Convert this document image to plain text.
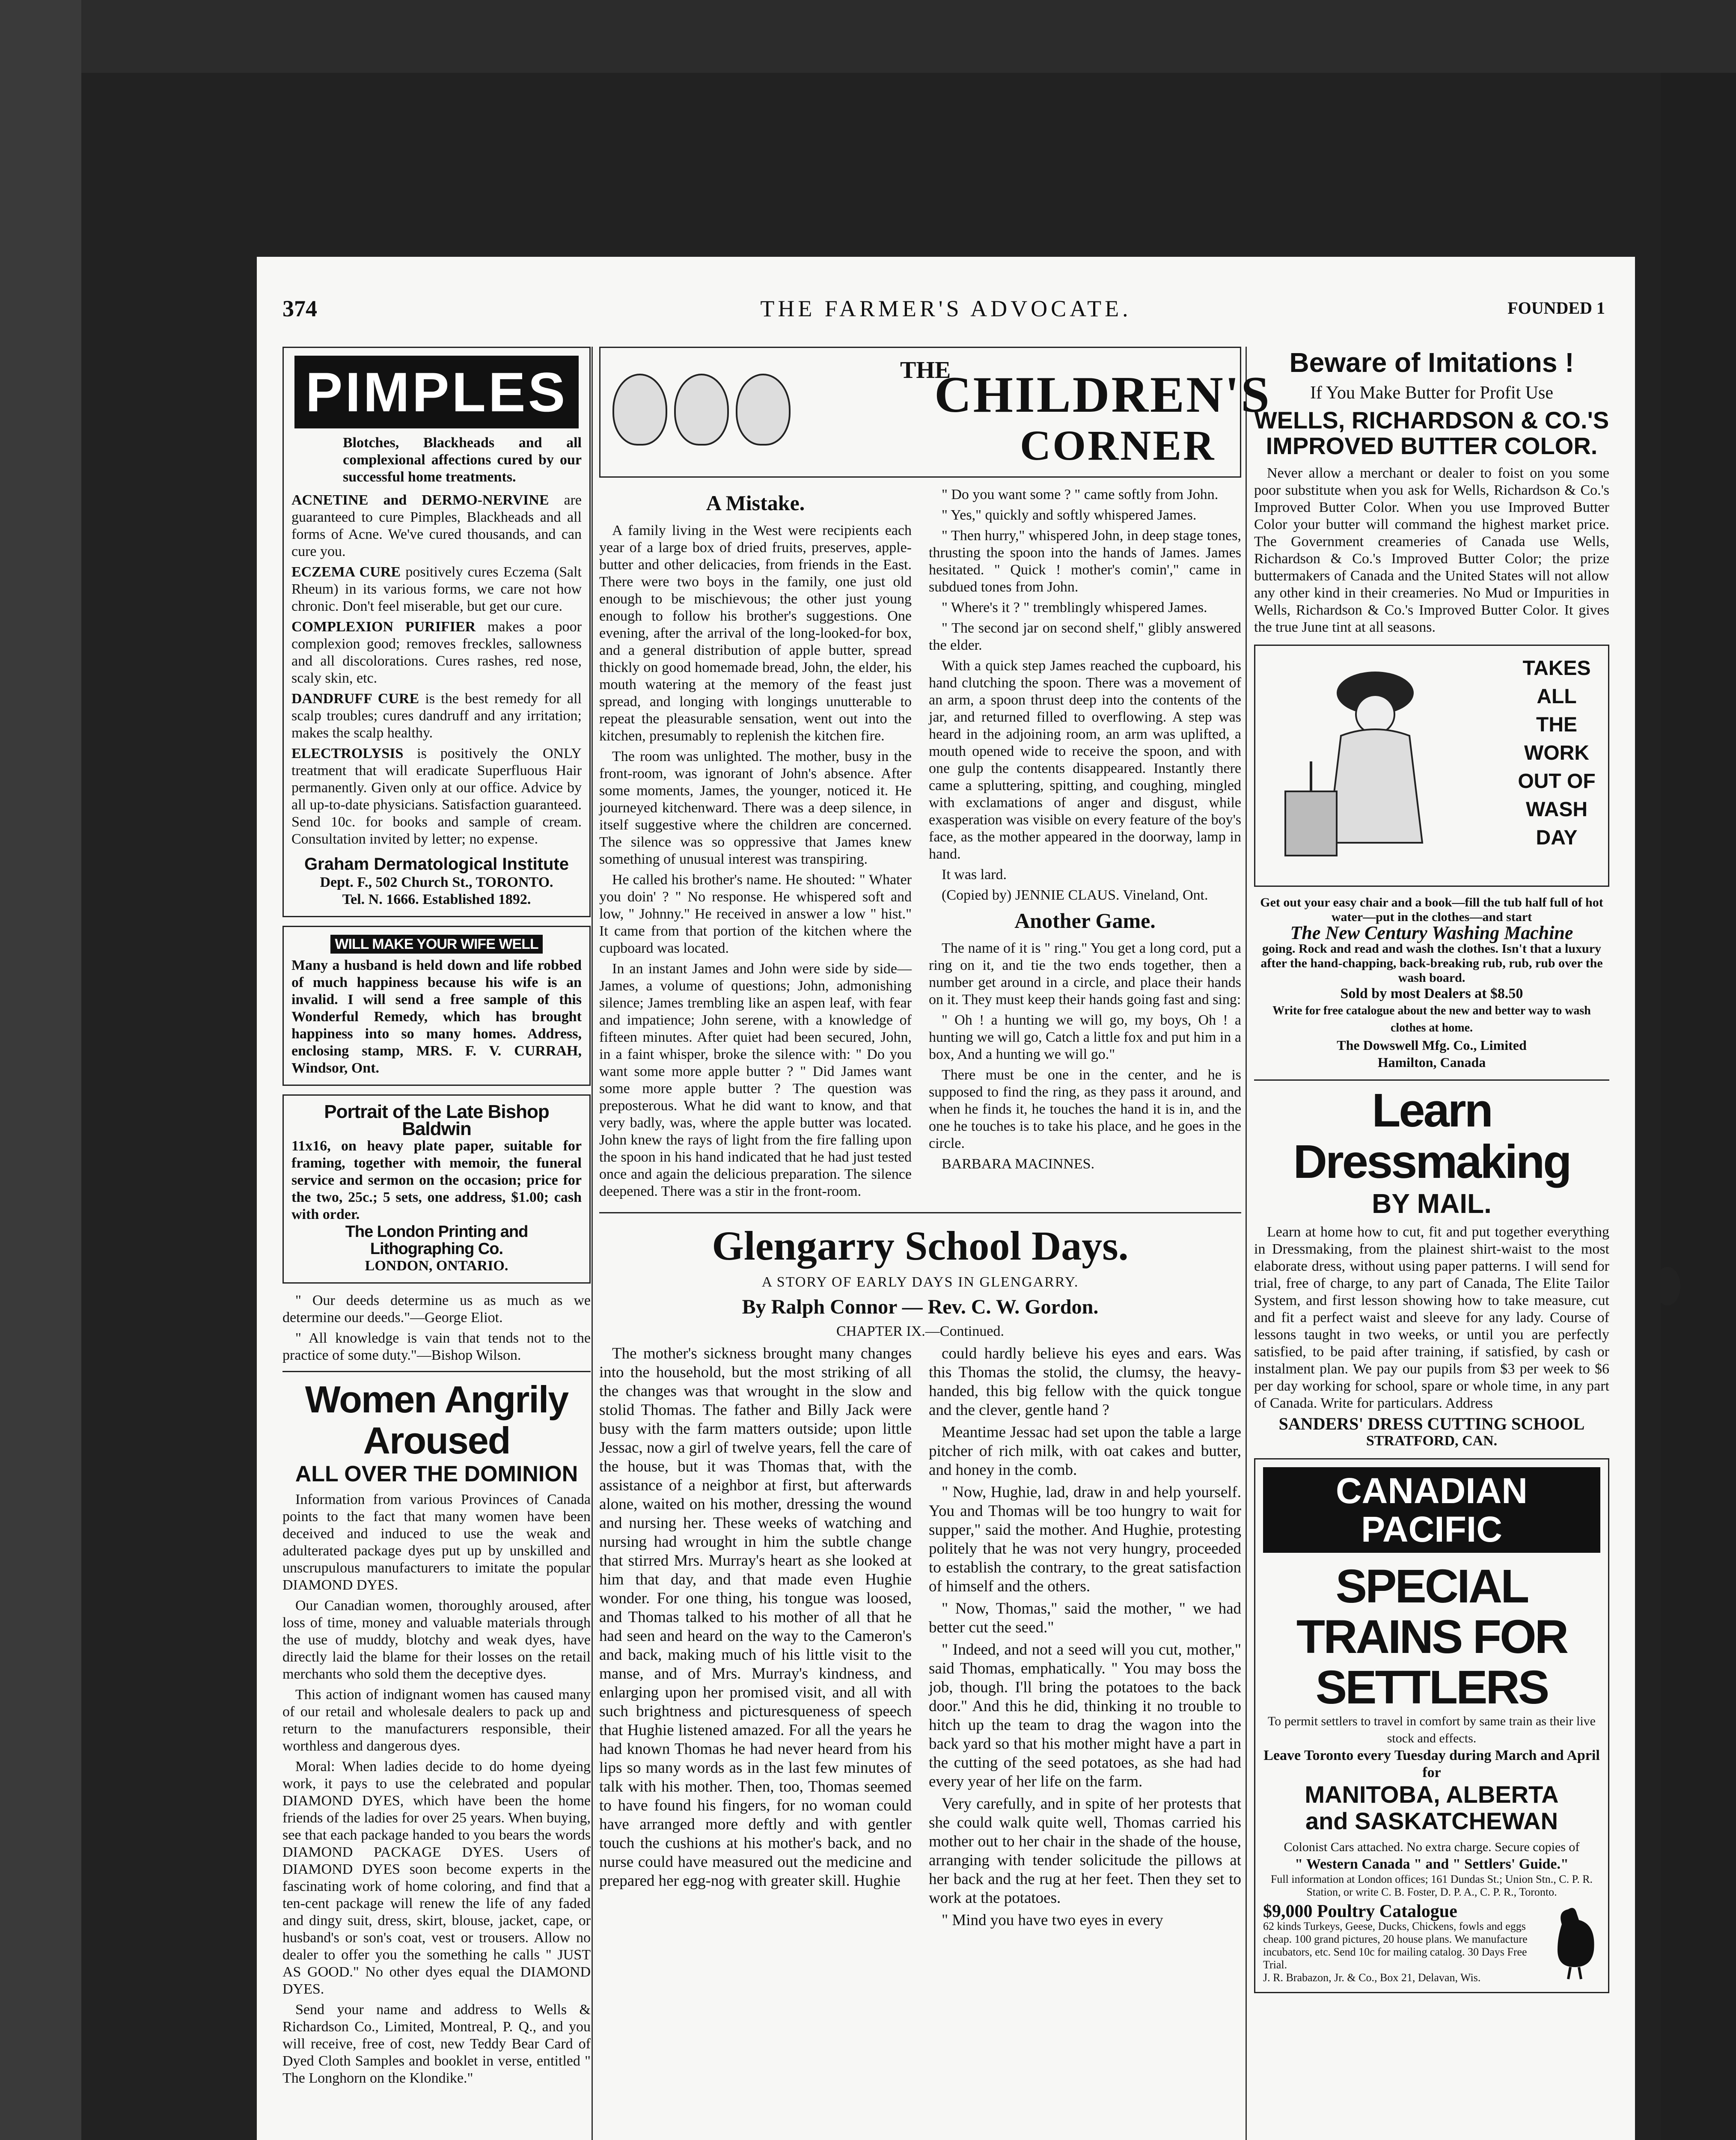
THE FARMER'S ADVOCATE.
374	FOUNDED 1
PIMPLES
Blotches, Blackheads and all complexional affections cured by our successful home treatments.
ACNETINE and DERMO-NERVINE are guaranteed to cure Pimples, Blackheads and all forms of Acne. We've cured thousands, and can cure you.
ECZEMA CURE positively cures Eczema (Salt Rheum) in its various forms, we care not how chronic. Don't feel miserable, but get our cure.
COMPLEXION PURIFIER makes a poor complexion good; removes freckles, sallowness and all discolorations. Cures rashes, red nose, scaly skin, etc.
DANDRUFF CURE is the best remedy for all scalp troubles; cures dandruff and any irritation; makes the scalp healthy.
ELECTROLYSIS is positively the ONLY treatment that will eradicate Superfluous Hair permanently. Given only at our office. Advice by all up-to-date physicians. Satisfaction guaranteed. Send 10c. for books and sample of cream. Consultation invited by letter; no expense.
Graham Dermatological Institute
Dept. F., 502 Church St., TORONTO.
Tel. N. 1666. Established 1892.
WILL MAKE YOUR WIFE WELL
Many a husband is held down and life robbed of much happiness because his wife is an invalid. I will send a free sample of this Wonderful Remedy, which has brought happiness into so many homes. Address, enclosing stamp, MRS. F. V. CURRAH, Windsor, Ont.
Portrait of the Late Bishop Baldwin
11x16, on heavy plate paper, suitable for framing, together with memoir, the funeral service and sermon on the occasion; price for the two, 25c.; 5 sets, one address, $1.00; cash with order.
The London Printing and Lithographing Co.
LONDON, ONTARIO.

" Our deeds determine us as much as we determine our deeds."—George Eliot.

" All knowledge is vain that tends not to the practice of some duty."—Bishop Wilson.

Women Angrily Aroused
ALL OVER THE DOMINION

Information from various Provinces of Canada points to the fact that many women have been deceived and induced to use the weak and adulterated package dyes put up by unskilled and unscrupulous manufacturers to imitate the popular DIAMOND DYES.

Our Canadian women, thoroughly aroused, after loss of time, money and valuable materials through the use of muddy, blotchy and weak dyes, have directly laid the blame for their losses on the retail merchants who sold them the deceptive dyes.

This action of indignant women has caused many of our retail and wholesale dealers to pack up and return to the manufacturers responsible, their worthless and dangerous dyes.

Moral: When ladies decide to do home dyeing work, it pays to use the celebrated and popular DIAMOND DYES, which have been the home friends of the ladies for over 25 years. When buying, see that each package handed to you bears the words DIAMOND PACKAGE DYES. Users of DIAMOND DYES soon become experts in the fascinating work of home coloring, and find that a ten-cent package will renew the life of any faded and dingy suit, dress, skirt, blouse, jacket, cape, or husband's or son's coat, vest or trousers. Allow no dealer to offer you the something he calls " JUST AS GOOD." No other dyes equal the DIAMOND DYES.

Send your name and address to Wells & Richardson Co., Limited, Montreal, P. Q., and you will receive, free of cost, new Teddy Bear Card of Dyed Cloth Samples and booklet in verse, entitled " The Longhorn on the Klondike."

THE
CHILDREN'S
CORNER
A Mistake.

A family living in the West were recipients each year of a large box of dried fruits, preserves, apple-butter and other delicacies, from friends in the East. There were two boys in the family, one just old enough to be mischievous; the other just young enough to follow his brother's suggestions. One evening, after the arrival of the long-looked-for box, and a general distribution of apple butter, spread thickly on good homemade bread, John, the elder, his mouth watering at the memory of the feast just spread, and longing with longings unutterable to repeat the pleasurable sensation, went out into the kitchen, presumably to replenish the kitchen fire.

The room was unlighted. The mother, busy in the front-room, was ignorant of John's absence. After some moments, James, the younger, noticed it. He journeyed kitchenward. There was a deep silence, in itself suggestive where the children are concerned. The silence was so oppressive that James knew something of unusual interest was transpiring.

He called his brother's name. He shouted: " Whater you doin' ? " No response. He whispered soft and low, " Johnny." He received in answer a low " hist." It came from that portion of the kitchen where the cupboard was located.

In an instant James and John were side by side—James, a volume of questions; John, admonishing silence; James trembling like an aspen leaf, with fear and impatience; John serene, with a knowledge of fifteen minutes. After quiet had been secured, John, in a faint whisper, broke the silence with: " Do you want some more apple butter ? " Did James want some more apple butter ? The question was preposterous. What he did want to know, and that very badly, was, where the apple butter was located. John knew the rays of light from the fire falling upon the spoon in his hand indicated that he had just tested once and again the delicious preparation. The silence deepened. There was a stir in the front-room.

" Do you want some ? " came softly from John.

" Yes," quickly and softly whispered James.

" Then hurry," whispered John, in deep stage tones, thrusting the spoon into the hands of James. James hesitated. " Quick ! mother's comin'," came in subdued tones from John.

" Where's it ? " tremblingly whispered James.

" The second jar on second shelf," glibly answered the elder.

With a quick step James reached the cupboard, his hand clutching the spoon. There was a movement of an arm, a spoon thrust deep into the contents of the jar, and returned filled to overflowing. A step was heard in the adjoining room, an arm was uplifted, a mouth opened wide to receive the spoon, and with one gulp the contents disappeared. Instantly there came a spluttering, spitting, and coughing, mingled with exclamations of anger and disgust, while exasperation was visible on every feature of the boy's face, as the mother appeared in the doorway, lamp in hand.

It was lard.

(Copied by) JENNIE CLAUS. Vineland, Ont.

Another Game.

The name of it is " ring." You get a long cord, put a ring on it, and tie the two ends together, then a number get around in a circle, and place their hands on it. They must keep their hands going fast and sing:

" Oh ! a hunting we will go, my boys, Oh ! a hunting we will go, Catch a little fox and put him in a box, And a hunting we will go."

There must be one in the center, and he is supposed to find the ring, as they pass it around, and when he finds it, he touches the hand it is in, and the one he touches is to take his place, and he goes in the circle.

BARBARA MACINNES.

Glengarry School Days.
A STORY OF EARLY DAYS IN GLENGARRY.
By Ralph Connor — Rev. C. W. Gordon.
CHAPTER IX.—Continued.

The mother's sickness brought many changes into the household, but the most striking of all the changes was that wrought in the slow and stolid Thomas. The father and Billy Jack were busy with the farm matters outside; upon little Jessac, now a girl of twelve years, fell the care of the house, but it was Thomas that, with the assistance of a neighbor at first, but afterwards alone, waited on his mother, dressing the wound and nursing her. These weeks of watching and nursing had wrought in him the subtle change that stirred Mrs. Murray's heart as she looked at him that day, and that made even Hughie wonder. For one thing, his tongue was loosed, and Thomas talked to his mother of all that he had seen and heard on the way to the Cameron's and back, making much of his little visit to the manse, and of Mrs. Murray's kindness, and enlarging upon her promised visit, and all with such brightness and picturesqueness of speech that Hughie listened amazed. For all the years he had known Thomas he had never heard from his lips so many words as in the last few minutes of talk with his mother. Then, too, Thomas seemed to have found his fingers, for no woman could have arranged more deftly and with gentler touch the cushions at his mother's back, and no nurse could have measured out the medicine and prepared her egg-nog with greater skill. Hughie

could hardly believe his eyes and ears. Was this Thomas the stolid, the clumsy, the heavy-handed, this big fellow with the quick tongue and the clever, gentle hand ?

Meantime Jessac had set upon the table a large pitcher of rich milk, with oat cakes and butter, and honey in the comb.

" Now, Hughie, lad, draw in and help yourself. You and Thomas will be too hungry to wait for supper," said the mother. And Hughie, protesting politely that he was not very hungry, proceeded to establish the contrary, to the great satisfaction of himself and the others.

" Now, Thomas," said the mother, " we had better cut the seed."

" Indeed, and not a seed will you cut, mother," said Thomas, emphatically. " You may boss the job, though. I'll bring the potatoes to the back door." And this he did, thinking it no trouble to hitch up the team to drag the wagon into the back yard so that his mother might have a part in the cutting of the seed potatoes, as she had had every year of her life on the farm.

Very carefully, and in spite of her protests that she could walk quite well, Thomas carried his mother out to her chair in the shade of the house, arranging with tender solicitude the pillows at her back and the rug at her feet. Then they set to work at the potatoes.

" Mind you have two eyes in every

Beware of Imitations !
If You Make Butter for Profit Use
WELLS, RICHARDSON & CO.'S IMPROVED BUTTER COLOR.

Never allow a merchant or dealer to foist on you some poor substitute when you ask for Wells, Richardson & Co.'s Improved Butter Color. When you use Improved Butter Color your butter will command the highest market price. The Government creameries of Canada use Wells, Richardson & Co.'s Improved Butter Color; the prize buttermakers of Canada and the United States will not allow any other kind in their creameries. No Mud or Impurities in Wells, Richardson & Co.'s Improved Butter Color. It gives the true June tint at all seasons.

TAKES
ALL
THE
WORK
OUT OF
WASH
DAY
Get out your easy chair and a book—fill the tub half full of hot water—put in the clothes—and start
The New Century Washing Machine
going. Rock and read and wash the clothes. Isn't that a luxury after the hand-chapping, back-breaking rub, rub, rub over the wash board.
Sold by most Dealers at $8.50
Write for free catalogue about the new and better way to wash clothes at home.
The Dowswell Mfg. Co., Limited
Hamilton, Canada
Learn Dressmaking
BY MAIL.

Learn at home how to cut, fit and put together everything in Dressmaking, from the plainest shirt-waist to the most elaborate dress, without using paper patterns. I will send for trial, free of charge, to any part of Canada, The Elite Tailor System, and first lesson showing how to take measure, cut and fit a perfect waist and sleeve for any lady. Course of lessons taught in two weeks, or until you are perfectly satisfied, to be paid after training, if satisfied, by cash or instalment plan. We pay our pupils from $3 per week to $6 per day working for school, spare or whole time, in any part of Canada. Write for particulars. Address

SANDERS' DRESS CUTTING SCHOOL
STRATFORD, CAN.
CANADIAN
PACIFIC
SPECIAL TRAINS FOR SETTLERS
To permit settlers to travel in comfort by same train as their live stock and effects.
Leave Toronto every Tuesday during March and April for
MANITOBA, ALBERTA
and SASKATCHEWAN
Colonist Cars attached. No extra charge. Secure copies of
" Western Canada " and " Settlers' Guide."
Full information at London offices; 161 Dundas St.; Union Stn., C. P. R. Station, or write C. B. Foster, D. P. A., C. P. R., Toronto.
$9,000 Poultry Catalogue
62 kinds Turkeys, Geese, Ducks, Chickens, fowls and eggs cheap. 100 grand pictures, 20 house plans. We manufacture incubators, etc. Send 10c for mailing catalog. 30 Days Free Trial.
J. R. Brabazon, Jr. & Co., Box 21, Delavan, Wis.
